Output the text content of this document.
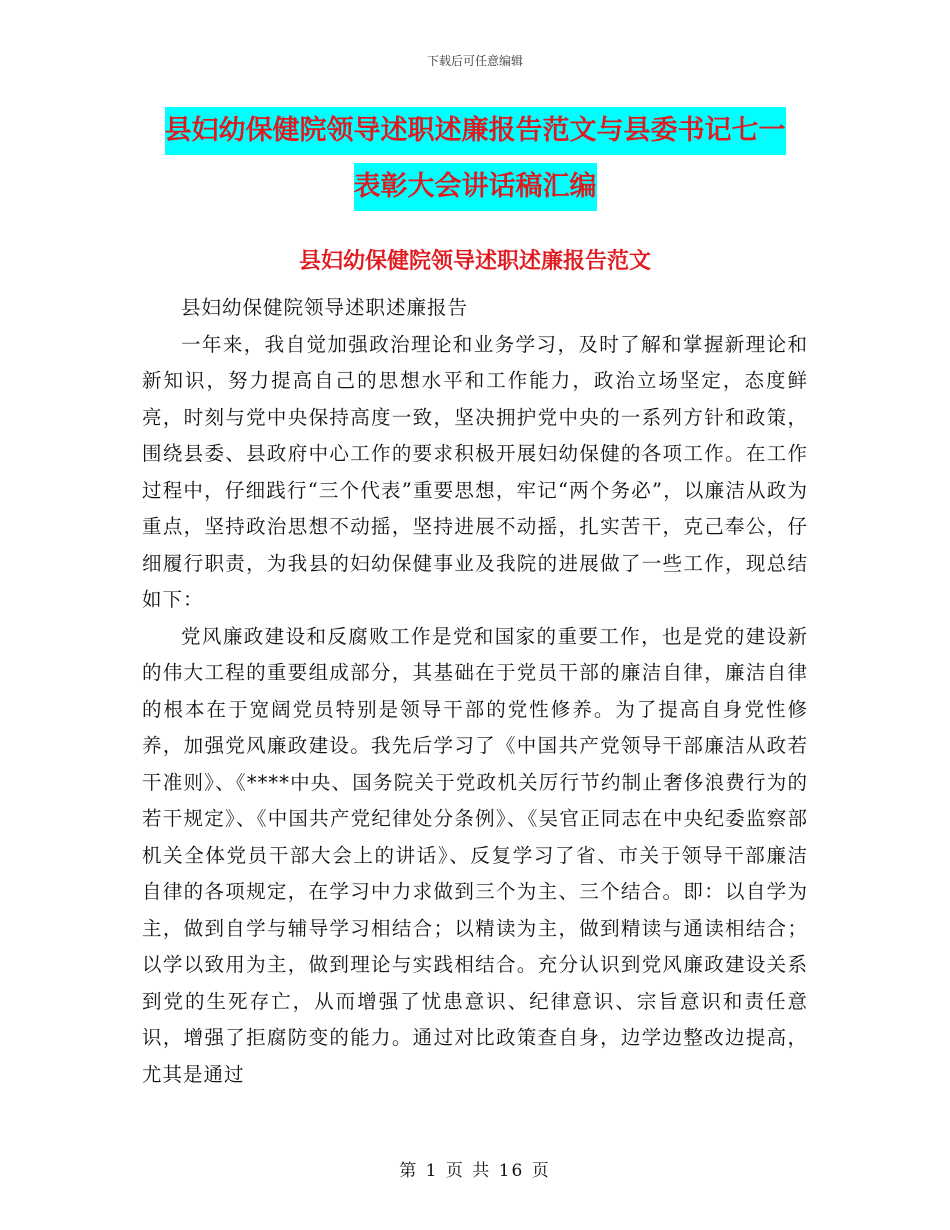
下载后可任意编辑
县妇幼保健院领导述职述廉报告范文与县委书记七一
表彰大会讲话稿汇编
县妇幼保健院领导述职述廉报告范文

县妇幼保健院领导述职述廉报告

一年来，我自觉加强政治理论和业务学习，及时了解和掌握新理论和新知识，努力提高自己的思想水平和工作能力，政治立场坚定，态度鲜亮，时刻与党中央保持高度一致，坚决拥护党中央的一系列方针和政策，围绕县委、县政府中心工作的要求积极开展妇幼保健的各项工作。在工作过程中，仔细践行“三个代表”重要思想，牢记“两个务必”，以廉洁从政为重点，坚持政治思想不动摇，坚持进展不动摇，扎实苦干，克己奉公，仔细履行职责，为我县的妇幼保健事业及我院的进展做了一些工作，现总结如下：

党风廉政建设和反腐败工作是党和国家的重要工作，也是党的建设新的伟大工程的重要组成部分，其基础在于党员干部的廉洁自律，廉洁自律的根本在于宽阔党员特别是领导干部的党性修养。为了提高自身党性修养，加强党风廉政建设。我先后学习了《中国共产党领导干部廉洁从政若干准则》、《****中央、国务院关于党政机关厉行节约制止奢侈浪费行为的若干规定》、《中国共产党纪律处分条例》、《吴官正同志在中央纪委监察部机关全体党员干部大会上的讲话》、反复学习了省、市关于领导干部廉洁自律的各项规定，在学习中力求做到三个为主、三个结合。即：以自学为主，做到自学与辅导学习相结合；以精读为主，做到精读与通读相结合；以学以致用为主，做到理论与实践相结合。充分认识到党风廉政建设关系到党的生死存亡，从而增强了忧患意识、纪律意识、宗旨意识和责任意识，增强了拒腐防变的能力。通过对比政策查自身，边学边整改边提高，尤其是通过

第 1 页 共 16 页
